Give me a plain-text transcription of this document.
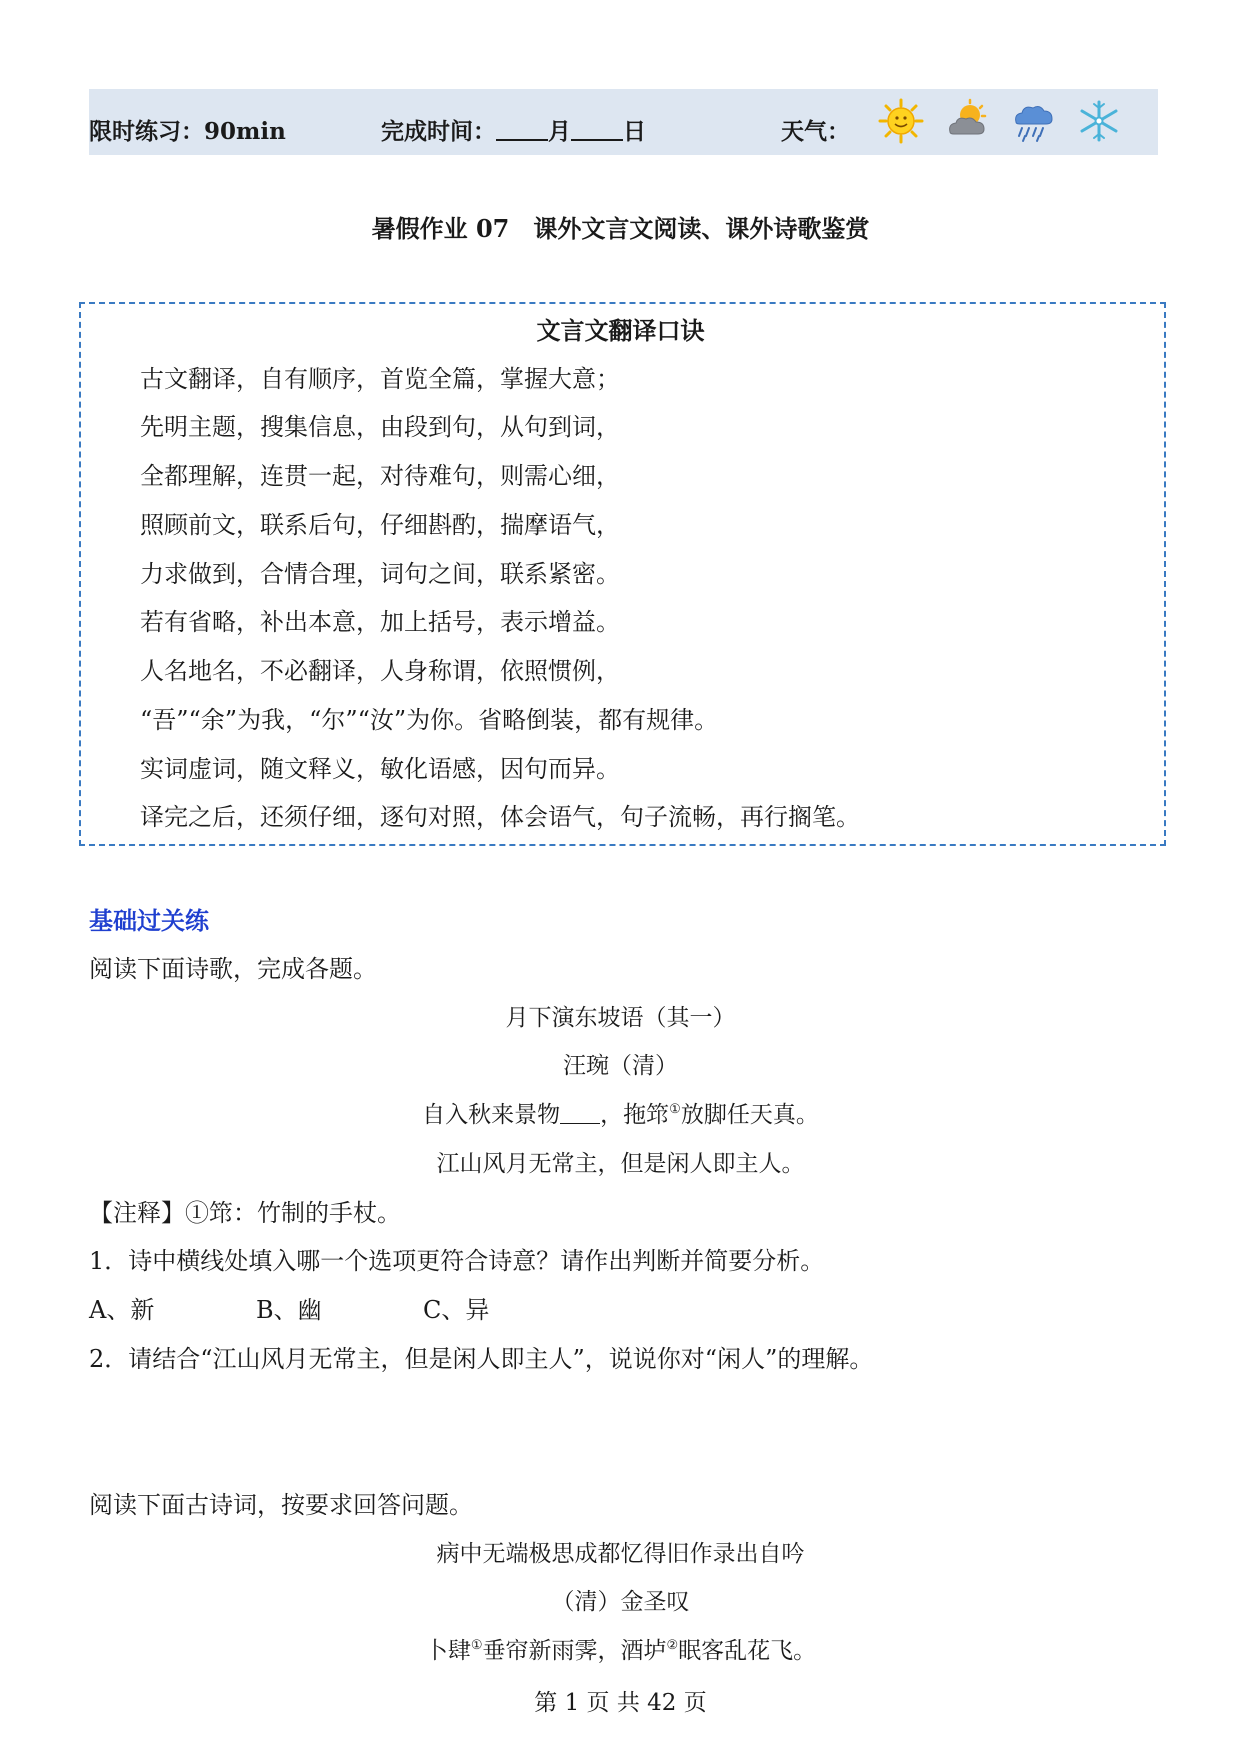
限时练习：90min	完成时间： 月 日	天气：
暑假作业 07　课外文言文阅读、课外诗歌鉴赏
文言文翻译口诀
古文翻译，自有顺序，首览全篇，掌握大意；
先明主题，搜集信息，由段到句，从句到词，
全都理解，连贯一起，对待难句，则需心细，
照顾前文，联系后句，仔细斟酌，揣摩语气，
力求做到，合情合理，词句之间，联系紧密。
若有省略，补出本意，加上括号，表示增益。
人名地名，不必翻译，人身称谓，依照惯例，
“吾”“余”为我，“尔”“汝”为你。省略倒装，都有规律。
实词虚词，随文释义，敏化语感，因句而异。
译完之后，还须仔细，逐句对照，体会语气，句子流畅，再行搁笔。
基础过关练
阅读下面诗歌，完成各题。
月下演东坡语（其一）
汪琬（清）
自入秋来景物 ，拖筇①放脚任天真。
江山风月无常主，但是闲人即主人。
【注释】①筇：竹制的手杖。
1．诗中横线处填入哪一个选项更符合诗意？请作出判断并简要分析。
A、新	B、幽	C、异
2．请结合“江山风月无常主，但是闲人即主人”，说说你对“闲人”的理解。
阅读下面古诗词，按要求回答问题。
病中无端极思成都忆得旧作录出自吟
（清）金圣叹
卜肆①垂帘新雨霁，酒垆②眠客乱花飞。
第 1 页 共 42 页
